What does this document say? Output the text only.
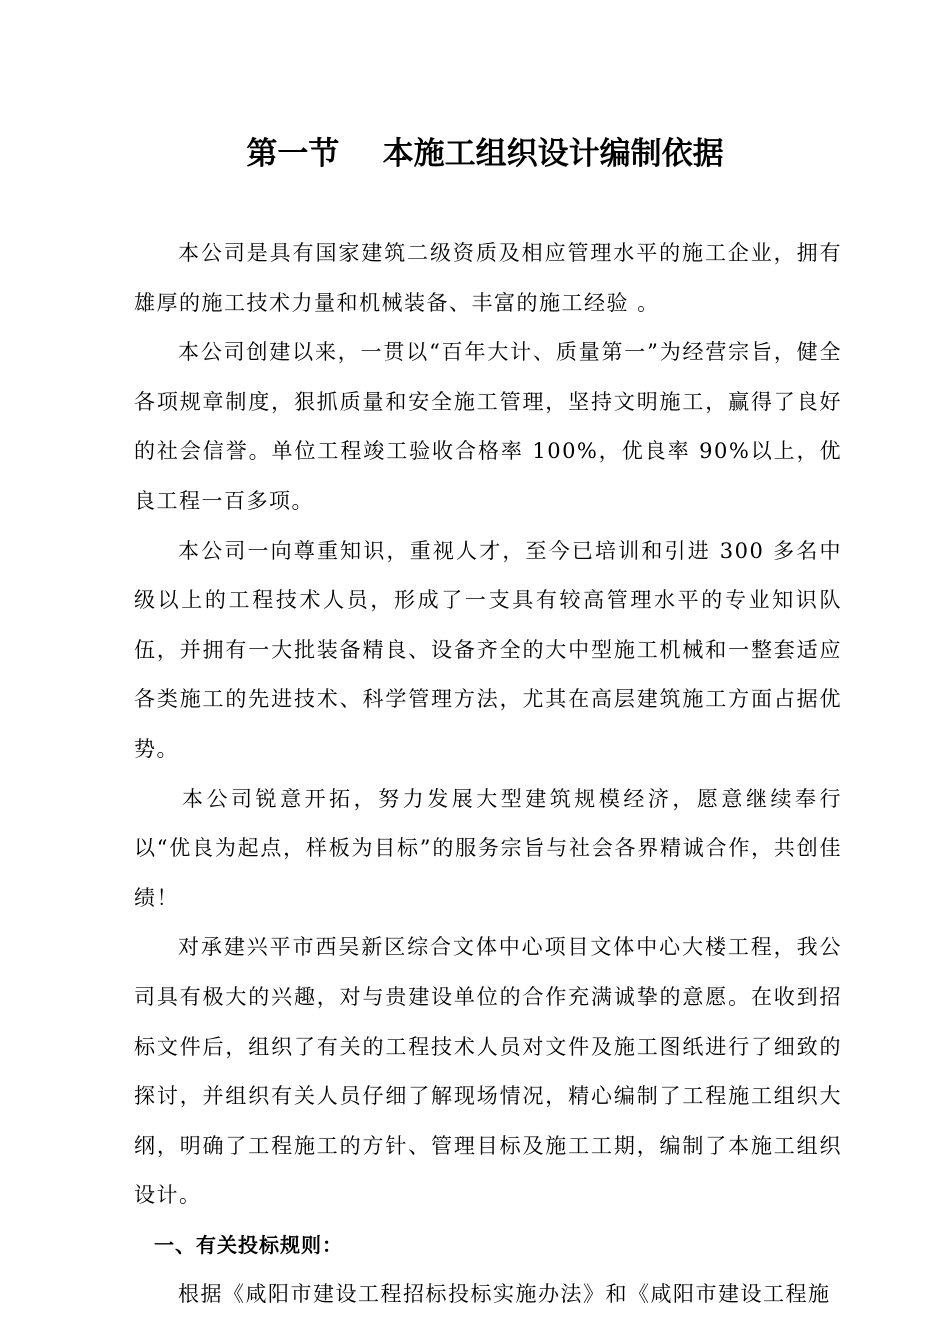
第一节    本施工组织设计编制依据

本公司是具有国家建筑二级资质及相应管理水平的施工企业，拥有雄厚的施工技术力量和机械装备、丰富的施工经验 。

本公司创建以来，一贯以“百年大计、质量第一”为经营宗旨，健全各项规章制度，狠抓质量和安全施工管理，坚持文明施工，赢得了良好的社会信誉。单位工程竣工验收合格率 100%，优良率 90%以上，优良工程一百多项。

本公司一向尊重知识，重视人才，至今已培训和引进 300 多名中级以上的工程技术人员，形成了一支具有较高管理水平的专业知识队伍，并拥有一大批装备精良、设备齐全的大中型施工机械和一整套适应各类施工的先进技术、科学管理方法，尤其在高层建筑施工方面占据优势。

本公司锐意开拓，努力发展大型建筑规模经济，愿意继续奉行以“优良为起点，样板为目标”的服务宗旨与社会各界精诚合作，共创佳绩！

对承建兴平市西吴新区综合文体中心项目文体中心大楼工程，我公司具有极大的兴趣，对与贵建设单位的合作充满诚挚的意愿。在收到招标文件后，组织了有关的工程技术人员对文件及施工图纸进行了细致的探讨，并组织有关人员仔细了解现场情况，精心编制了工程施工组织大纲，明确了工程施工的方针、管理目标及施工工期，编制了本施工组织设计。

一、有关投标规则：

根据《咸阳市建设工程招标投标实施办法》和《咸阳市建设工程施
